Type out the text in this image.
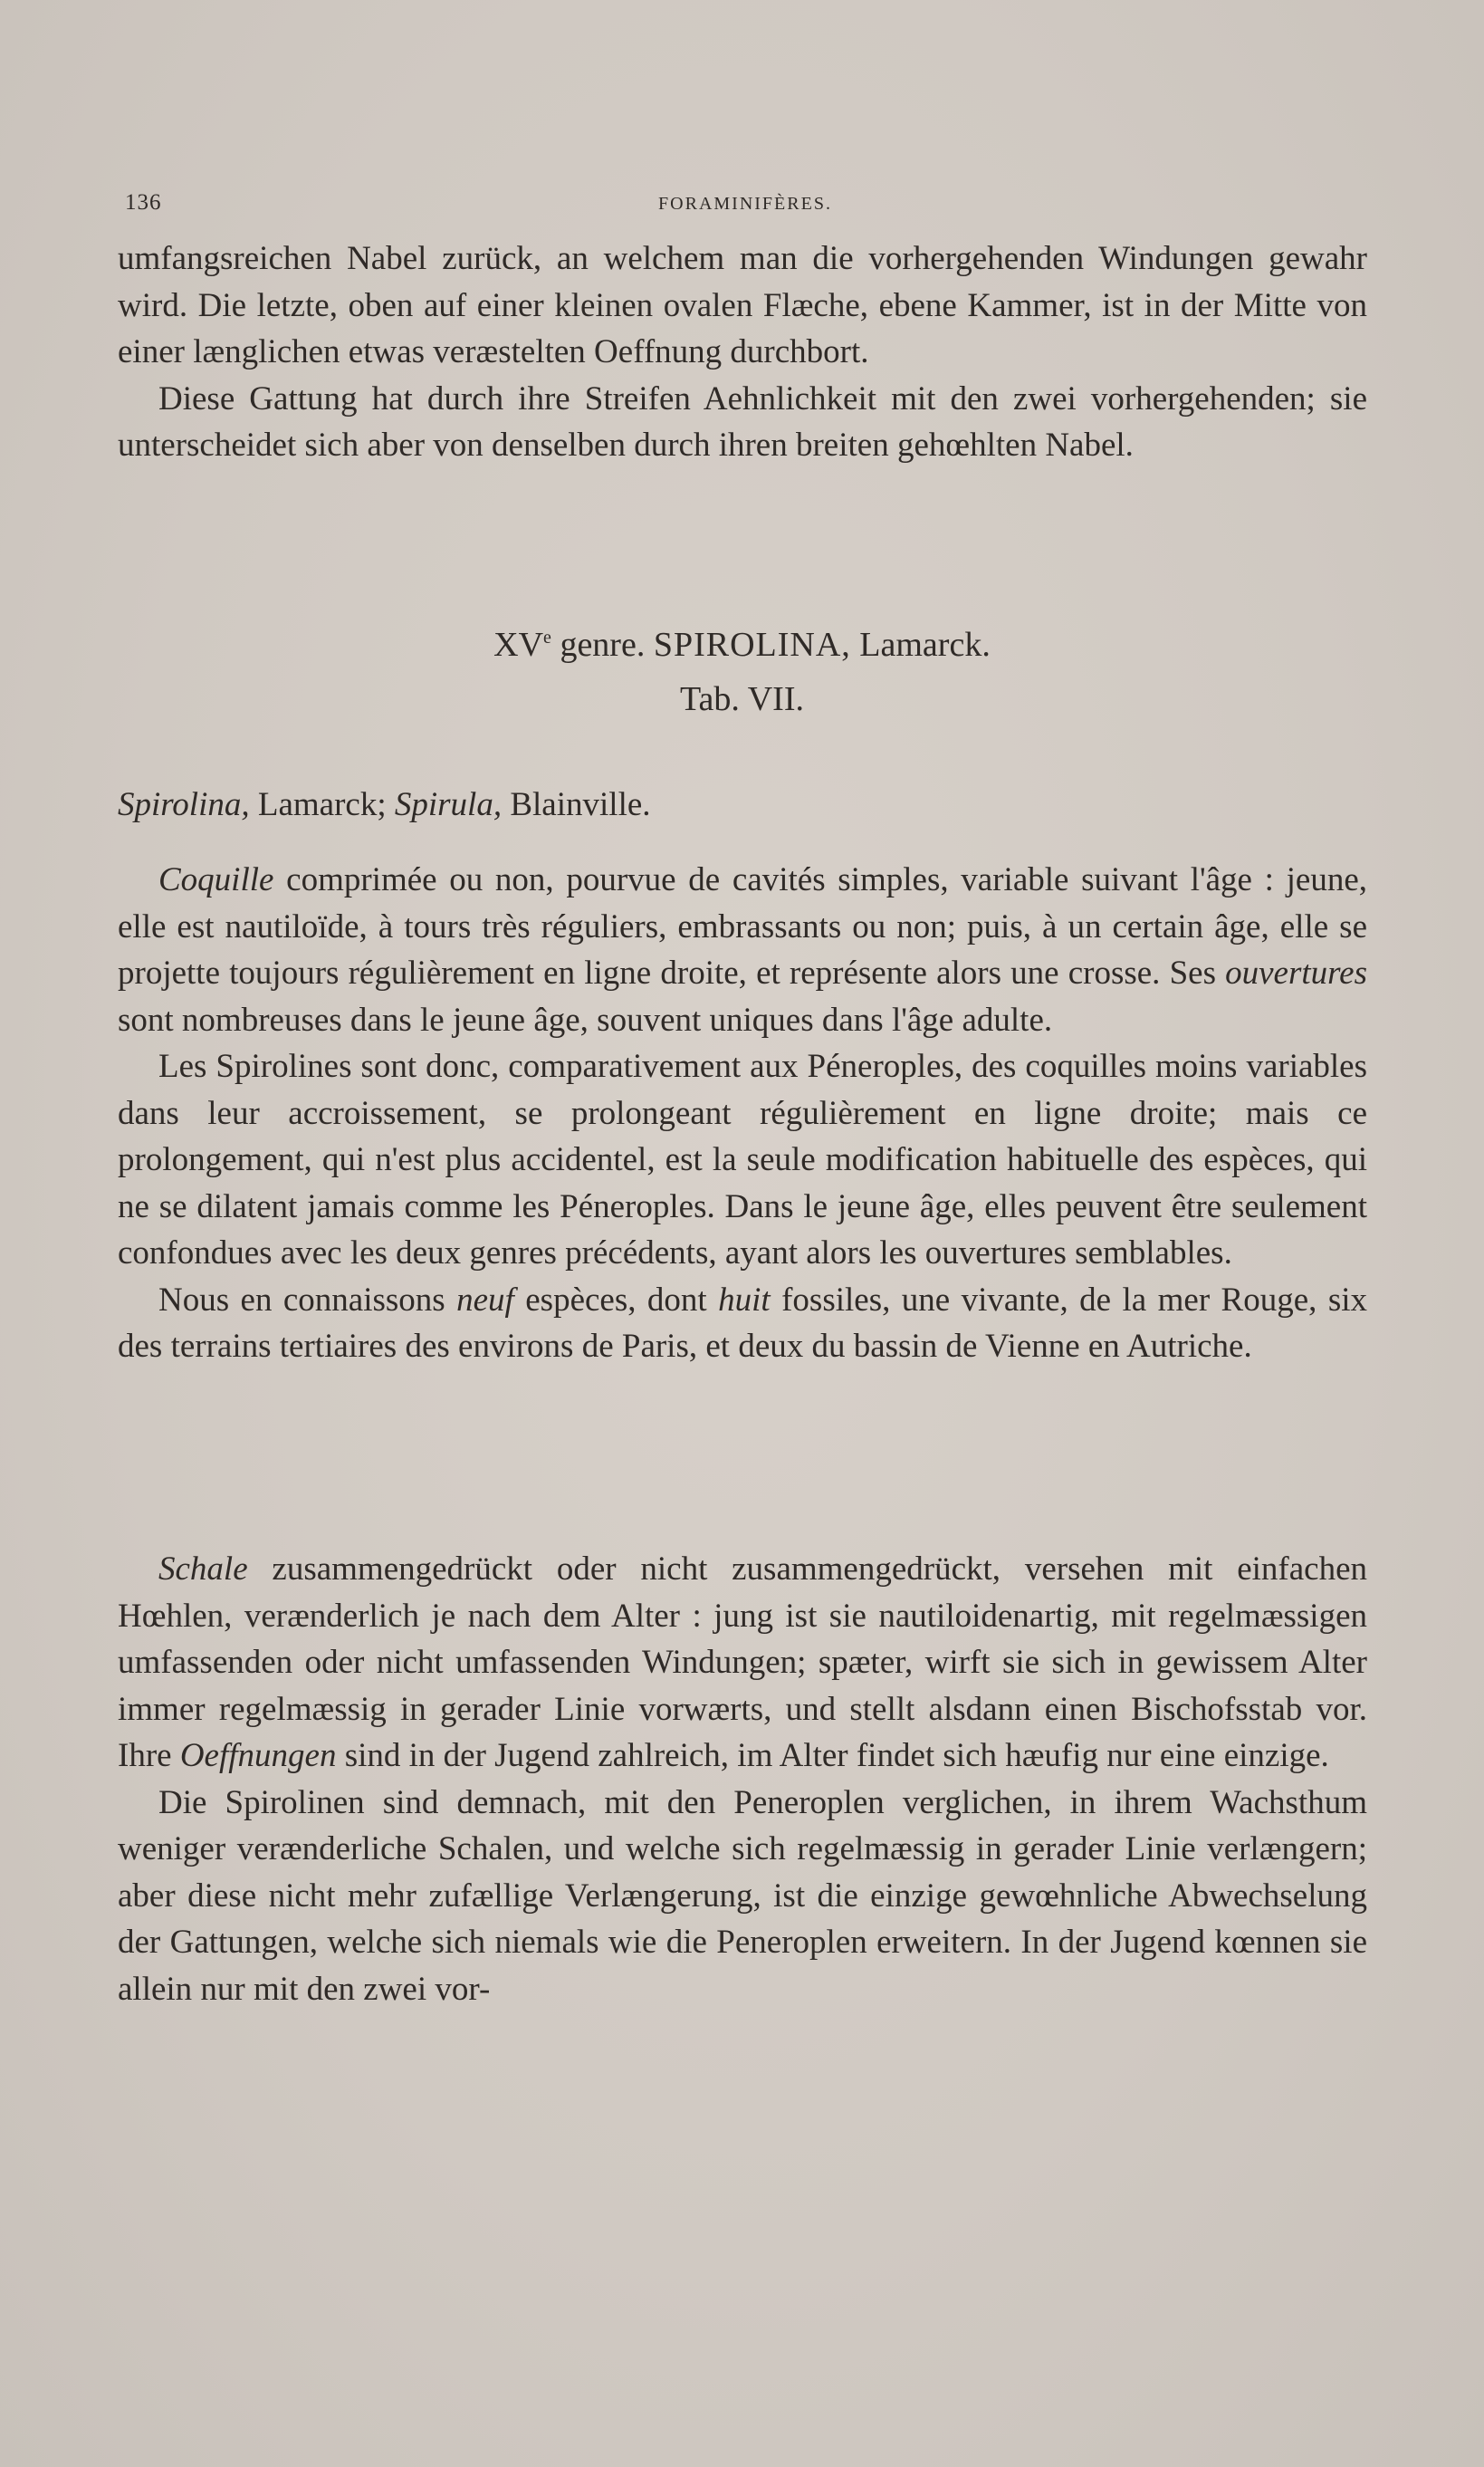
136	FORAMINIFÈRES.

umfangsreichen Nabel zurück, an welchem man die vorhergehenden Windungen gewahr wird. Die letzte, oben auf einer kleinen ovalen Flæche, ebene Kammer, ist in der Mitte von einer længlichen etwas veræstelten Oeffnung durchbort.

Diese Gattung hat durch ihre Streifen Aehnlichkeit mit den zwei vorhergehenden; sie unterscheidet sich aber von denselben durch ihren breiten gehœhlten Nabel.

XVe genre. SPIROLINA, Lamarck.
Tab. VII.

Spirolina, Lamarck; Spirula, Blainville.

Coquille comprimée ou non, pourvue de cavités simples, variable suivant l'âge : jeune, elle est nautiloïde, à tours très réguliers, embrassants ou non; puis, à un certain âge, elle se projette toujours régulièrement en ligne droite, et représente alors une crosse. Ses ouvertures sont nombreuses dans le jeune âge, souvent uniques dans l'âge adulte.

Les Spirolines sont donc, comparativement aux Péneroples, des coquilles moins variables dans leur accroissement, se prolongeant régulièrement en ligne droite; mais ce prolongement, qui n'est plus accidentel, est la seule modification habituelle des espèces, qui ne se dilatent jamais comme les Péneroples. Dans le jeune âge, elles peuvent être seulement confondues avec les deux genres précédents, ayant alors les ouvertures semblables.

Nous en connaissons neuf espèces, dont huit fossiles, une vivante, de la mer Rouge, six des terrains tertiaires des environs de Paris, et deux du bassin de Vienne en Autriche.

Schale zusammengedrückt oder nicht zusammengedrückt, versehen mit einfachen Hœhlen, verænderlich je nach dem Alter : jung ist sie nautiloidenartig, mit regelmæssigen umfassenden oder nicht umfassenden Windungen; spæter, wirft sie sich in gewissem Alter immer regelmæssig in gerader Linie vorwærts, und stellt alsdann einen Bischofsstab vor. Ihre Oeffnungen sind in der Jugend zahlreich, im Alter findet sich hæufig nur eine einzige.

Die Spirolinen sind demnach, mit den Peneroplen verglichen, in ihrem Wachsthum weniger verænderliche Schalen, und welche sich regelmæssig in gerader Linie verlængern; aber diese nicht mehr zufællige Verlængerung, ist die einzige gewœhnliche Abwechselung der Gattungen, welche sich niemals wie die Peneroplen erweitern. In der Jugend kœnnen sie allein nur mit den zwei vor-
